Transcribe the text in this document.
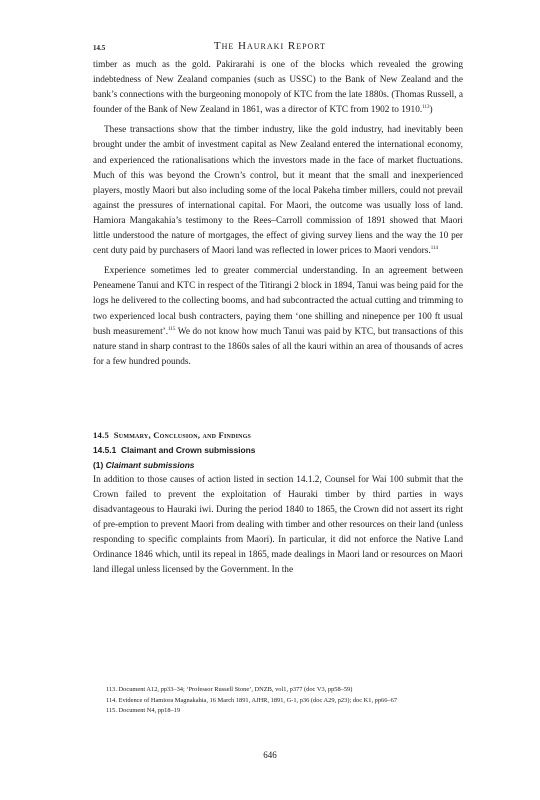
The Hauraki Report
14.5

timber as much as the gold. Pakirarahi is one of the blocks which revealed the growing indebtedness of New Zealand companies (such as USSC) to the Bank of New Zealand and the bank’s connections with the burgeoning monopoly of KTC from the late 1880s. (Thomas Russell, a founder of the Bank of New Zealand in 1861, was a director of KTC from 1902 to 1910.$^{113}$)

These transactions show that the timber industry, like the gold industry, had inevitably been brought under the ambit of investment capital as New Zealand entered the international economy, and experienced the rationalisations which the investors made in the face of market fluctuations. Much of this was beyond the Crown’s control, but it meant that the small and inexperienced players, mostly Maori but also including some of the local Pakeha timber millers, could not prevail against the pressures of international capital. For Maori, the outcome was usually loss of land. Hamiora Mangakahia’s testimony to the Rees–Carroll commission of 1891 showed that Maori little understood the nature of mortgages, the effect of giving survey liens and the way the 10 per cent duty paid by purchasers of Maori land was reflected in lower prices to Maori vendors.$^{114}$

Experience sometimes led to greater commercial understanding. In an agreement between Peneamene Tanui and KTC in respect of the Titirangi 2 block in 1894, Tanui was being paid for the logs he delivered to the collecting booms, and had subcontracted the actual cutting and trimming to two experienced local bush contracters, paying them ‘one shilling and ninepence per 100 ft usual bush measurement’.$^{115}$ We do not know how much Tanui was paid by KTC, but transactions of this nature stand in sharp contrast to the 1860s sales of all the kauri within an area of thousands of acres for a few hundred pounds.

14.5 Summary, Conclusion, and Findings

14.5.1 Claimant and Crown submissions

(1) Claimant submissions

In addition to those causes of action listed in section 14.1.2, Counsel for Wai 100 submit that the Crown failed to prevent the exploitation of Hauraki timber by third parties in ways disadvantageous to Hauraki iwi. During the period 1840 to 1865, the Crown did not assert its right of pre-emption to prevent Maori from dealing with timber and other resources on their land (unless responding to specific complaints from Maori). In particular, it did not enforce the Native Land Ordinance 1846 which, until its repeal in 1865, made dealings in Maori land or resources on Maori land illegal unless licensed by the Government. In the

113. Document A12, pp33–34; ‘Professor Russell Stone’, DNZB, vol1, p377 (doc V3, pp58–59)
114. Evidence of Hamiora Magnakahia, 16 March 1891, AJHR, 1891, G-1, p36 (doc A29, p23); doc K1, pp66–67
115. Document N4, pp18–19
646
